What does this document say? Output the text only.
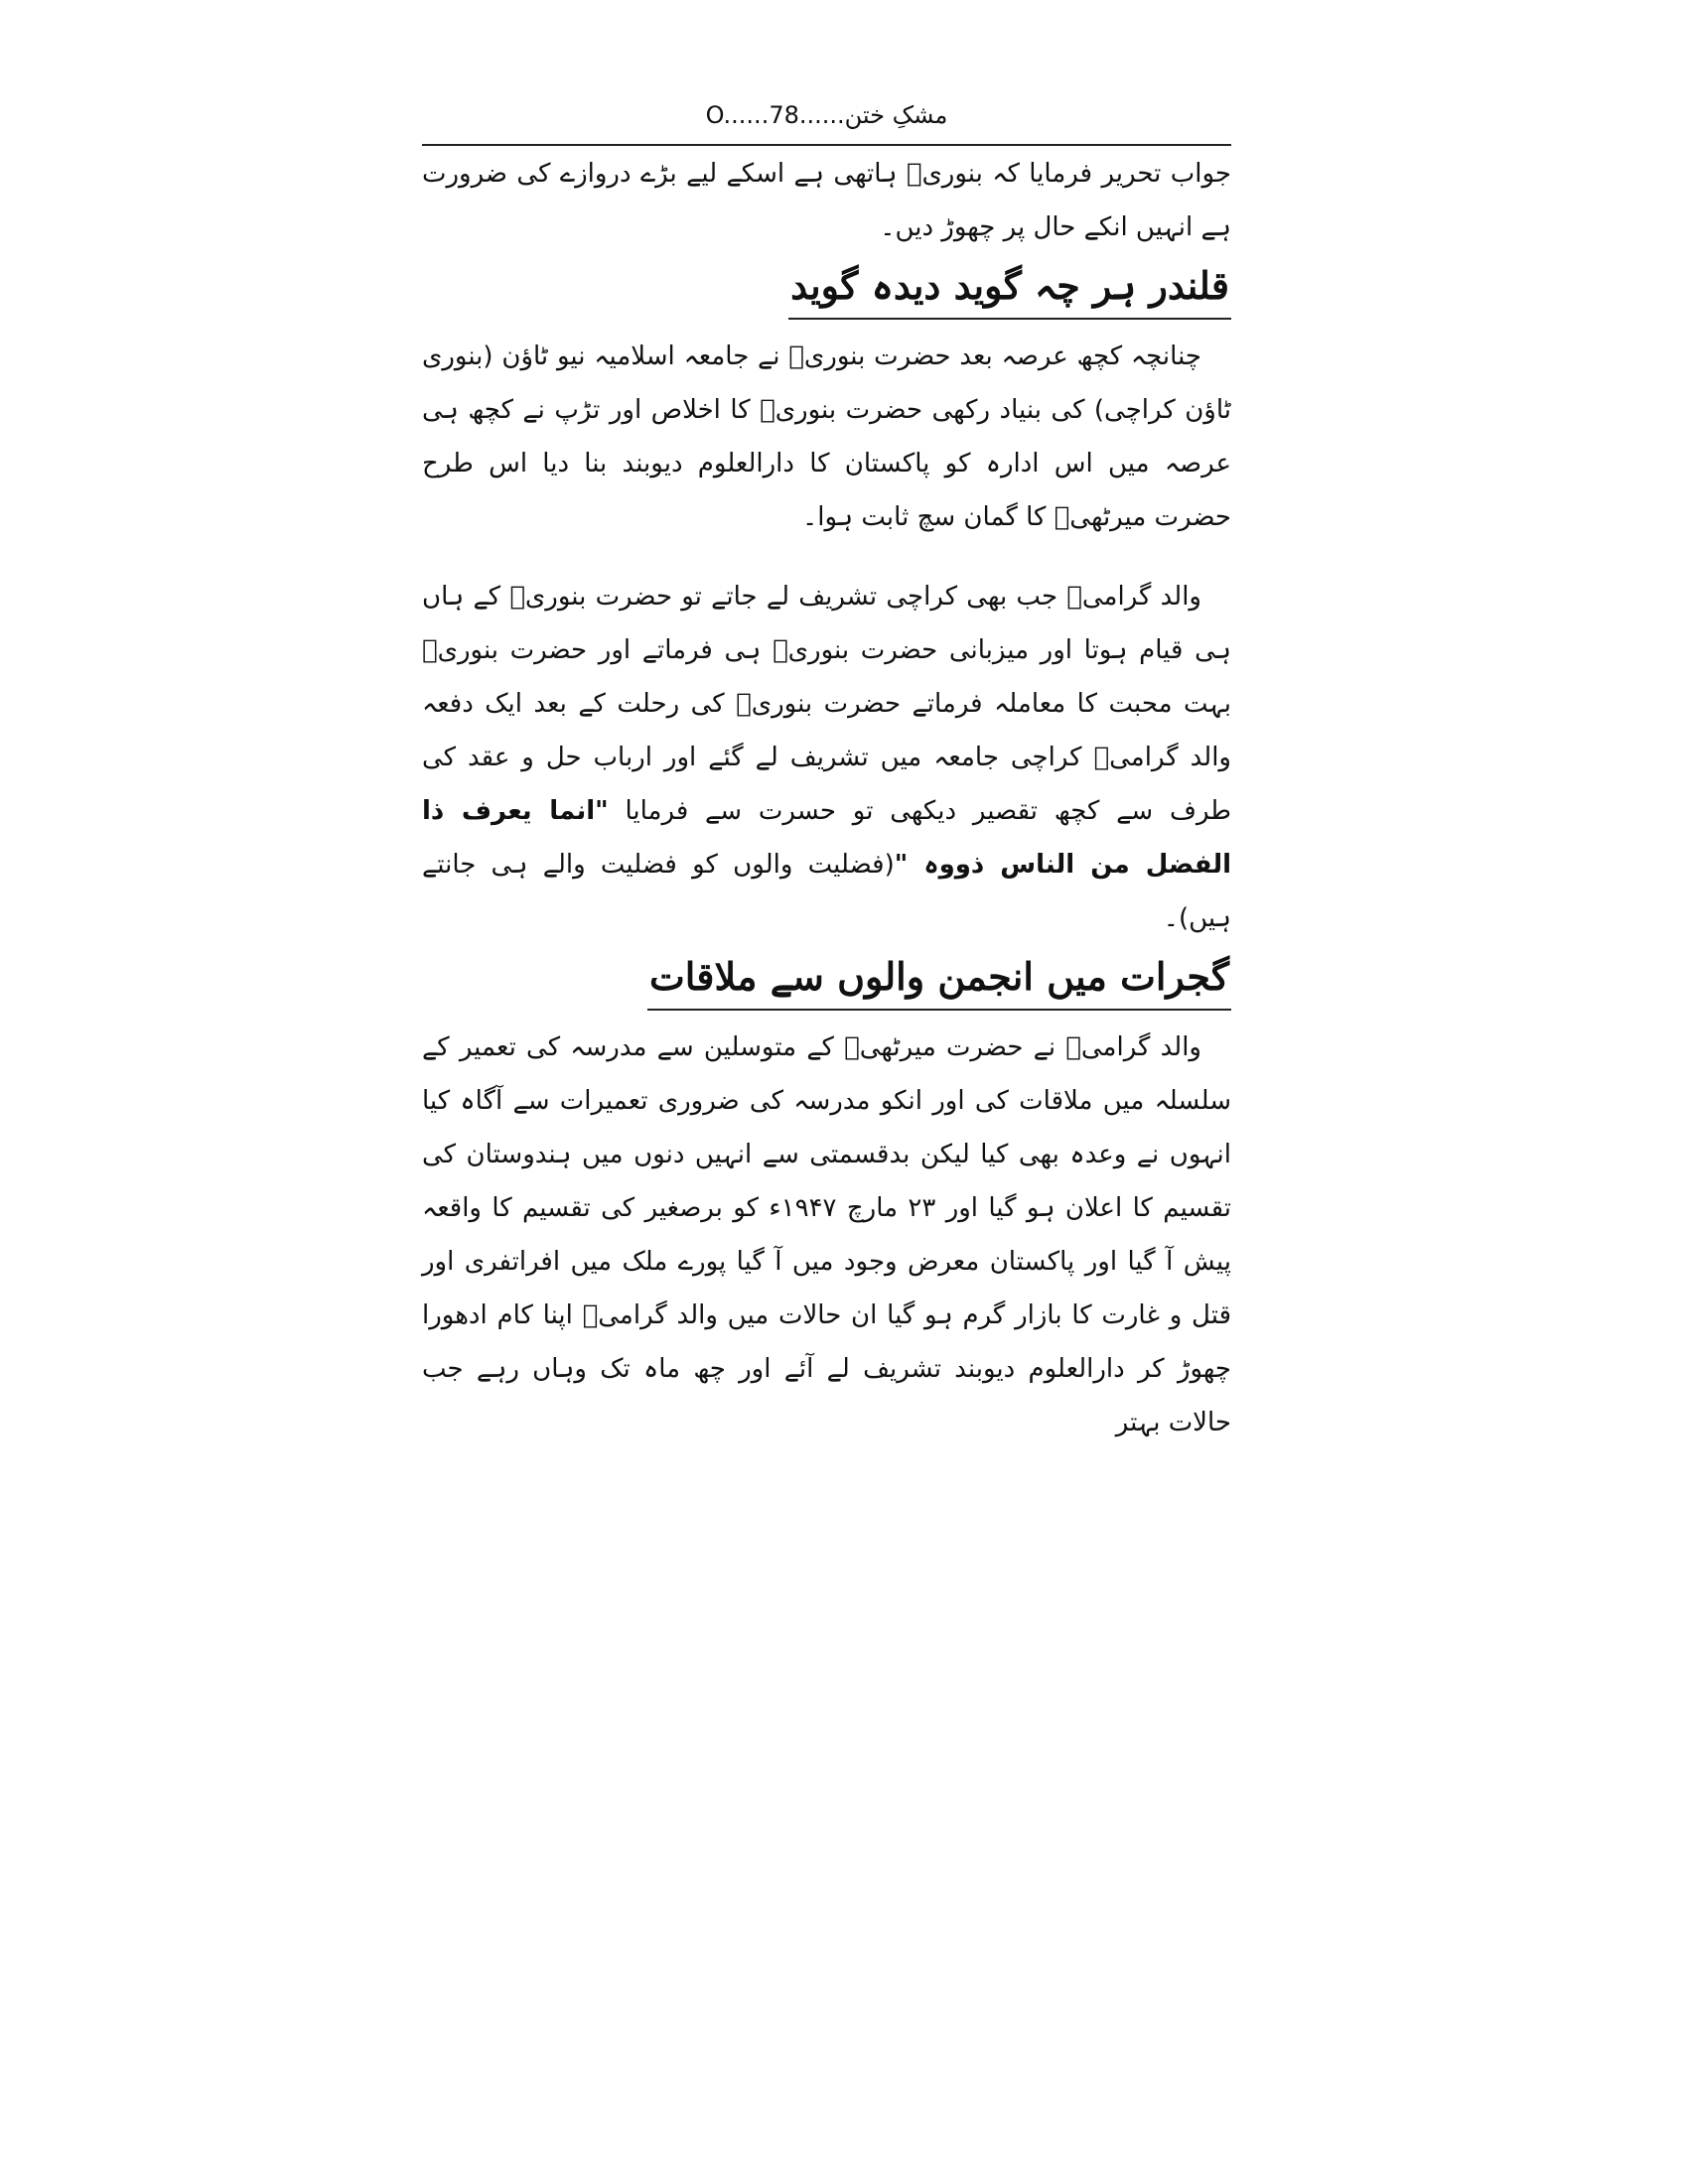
مشکِ ختن......O......78

جواب تحریر فرمایا کہ بنوریؒ ہاتھی ہے اسکے لیے بڑے دروازے کی ضرورت ہے انہیں انکے حال پر چھوڑ دیں۔

قلندر ہر چہ گوید دیدہ گوید

چنانچہ کچھ عرصہ بعد حضرت بنوریؒ نے جامعہ اسلامیہ نیو ٹاؤن (بنوری ٹاؤن کراچی) کی بنیاد رکھی حضرت بنوریؒ کا اخلاص اور تڑپ نے کچھ ہی عرصہ میں اس ادارہ کو پاکستان کا دارالعلوم دیوبند بنا دیا اس طرح حضرت میرٹھیؒ کا گمان سچ ثابت ہوا۔

والد گرامیؒ جب بھی کراچی تشریف لے جاتے تو حضرت بنوریؒ کے ہاں ہی قیام ہوتا اور میزبانی حضرت بنوریؒ ہی فرماتے اور حضرت بنوریؒ بہت محبت کا معاملہ فرماتے حضرت بنوریؒ کی رحلت کے بعد ایک دفعہ والد گرامیؒ کراچی جامعہ میں تشریف لے گئے اور ارباب حل و عقد کی طرف سے کچھ تقصیر دیکھی تو حسرت سے فرمایا "انما یعرف ذا الفضل من الناس ذووہ "(فضلیت والوں کو فضلیت والے ہی جانتے ہیں)۔

گجرات میں انجمن والوں سے ملاقات

والد گرامیؒ نے حضرت میرٹھیؒ کے متوسلین سے مدرسہ کی تعمیر کے سلسلہ میں ملاقات کی اور انکو مدرسہ کی ضروری تعمیرات سے آگاہ کیا انہوں نے وعدہ بھی کیا لیکن بدقسمتی سے انہیں دنوں میں ہندوستان کی تقسیم کا اعلان ہو گیا اور ۲۳ مارچ ۱۹۴۷ء کو برصغیر کی تقسیم کا واقعہ پیش آ گیا اور پاکستان معرض وجود میں آ گیا پورے ملک میں افراتفری اور قتل و غارت کا بازار گرم ہو گیا ان حالات میں والد گرامیؒ اپنا کام ادھورا چھوڑ کر دارالعلوم دیوبند تشریف لے آئے اور چھ ماہ تک وہاں رہے جب حالات بہتر
